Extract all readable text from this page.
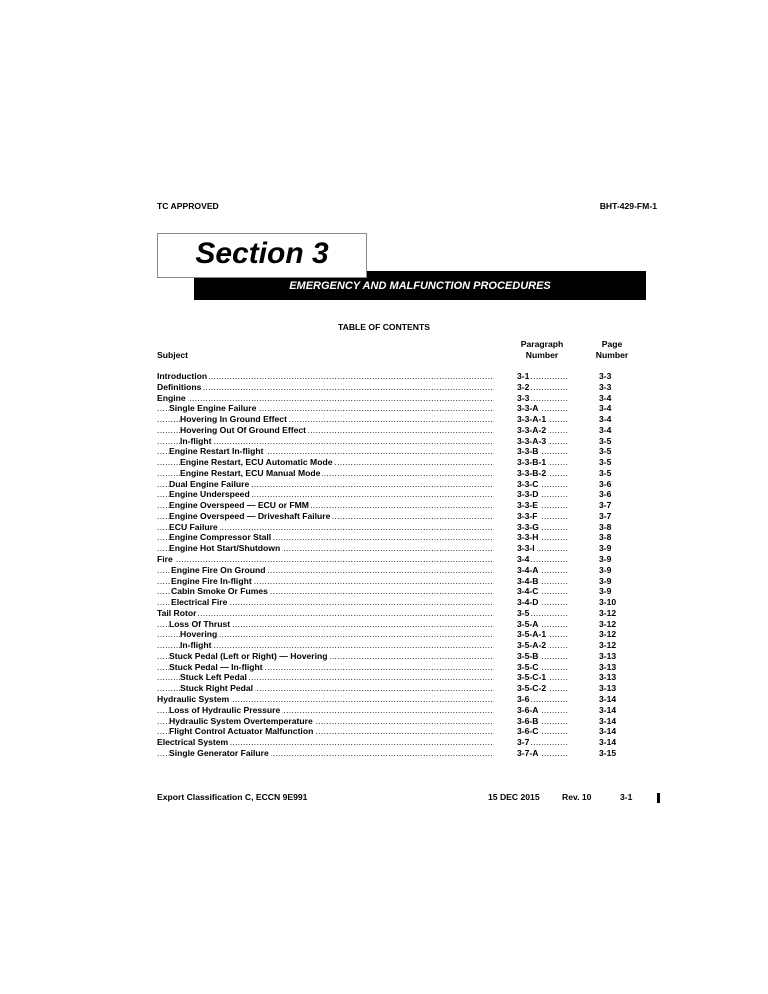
TC APPROVED	BHT-429-FM-1
Section 3
EMERGENCY AND MALFUNCTION PROCEDURES
TABLE OF CONTENTS
Subject
Paragraph
Number
Page
Number
Introduction .....	3-1 .....	3-3
Definitions .....	3-2 .....	3-3
Engine .....	3-3 .....	3-4
Single Engine Failure .....	3-3-A .....	3-4
Hovering In Ground Effect .....	3-3-A-1 .....	3-4
Hovering Out Of Ground Effect .....	3-3-A-2 .....	3-4
In-flight .....	3-3-A-3 .....	3-5
Engine Restart In-flight .....	3-3-B .....	3-5
Engine Restart, ECU Automatic Mode .....	3-3-B-1 .....	3-5
Engine Restart, ECU Manual Mode .....	3-3-B-2 .....	3-5
Dual Engine Failure .....	3-3-C .....	3-6
Engine Underspeed .....	3-3-D .....	3-6
Engine Overspeed — ECU or FMM .....	3-3-E .....	3-7
Engine Overspeed — Driveshaft Failure .....	3-3-F .....	3-7
ECU Failure .....	3-3-G .....	3-8
Engine Compressor Stall .....	3-3-H .....	3-8
Engine Hot Start/Shutdown .....	3-3-I .....	3-9
Fire .....	3-4 .....	3-9
Engine Fire On Ground .....	3-4-A .....	3-9
Engine Fire In-flight .....	3-4-B .....	3-9
Cabin Smoke Or Fumes .....	3-4-C .....	3-9
Electrical Fire .....	3-4-D .....	3-10
Tail Rotor .....	3-5 .....	3-12
Loss Of Thrust .....	3-5-A .....	3-12
Hovering .....	3-5-A-1 .....	3-12
In-flight .....	3-5-A-2 .....	3-12
Stuck Pedal (Left or Right) — Hovering .....	3-5-B .....	3-13
Stuck Pedal — In-flight .....	3-5-C .....	3-13
Stuck Left Pedal .....	3-5-C-1 .....	3-13
Stuck Right Pedal .....	3-5-C-2 .....	3-13
Hydraulic System .....	3-6 .....	3-14
Loss of Hydraulic Pressure .....	3-6-A .....	3-14
Hydraulic System Overtemperature .....	3-6-B .....	3-14
Flight Control Actuator Malfunction .....	3-6-C .....	3-14
Electrical System .....	3-7 .....	3-14
Single Generator Failure .....	3-7-A .....	3-15
Export Classification C, ECCN 9E991	15 DEC 2015	Rev. 10	3-1
